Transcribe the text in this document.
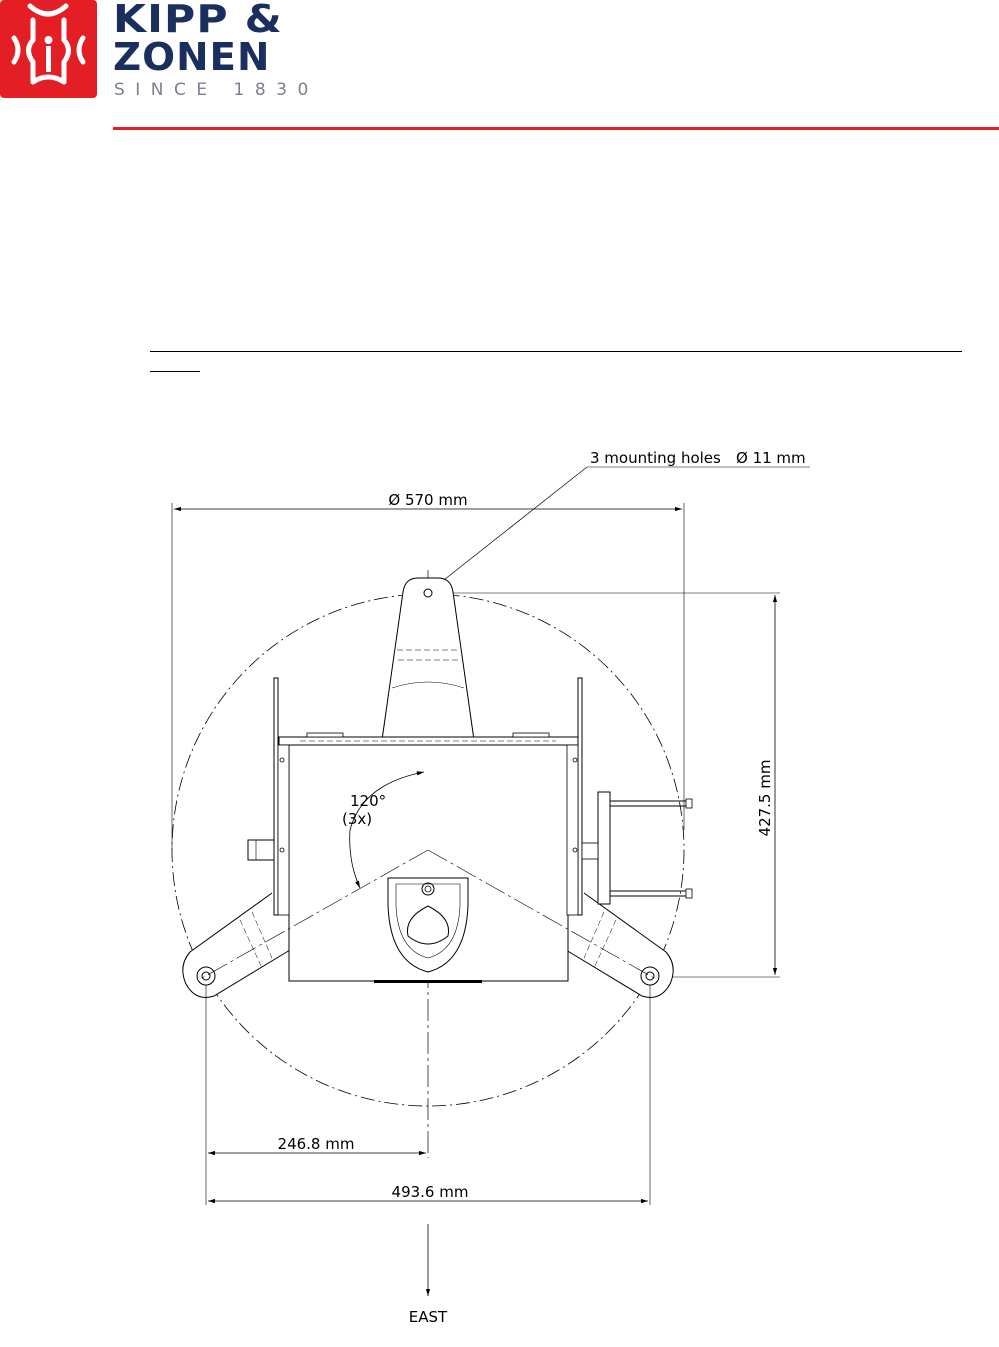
KIPP &
ZONEN
SINCE 1830
Ø 570 mm
3 mounting holes Ø 11 mm
427.5 mm
120°
(3x)
246.8 mm
493.6 mm
EAST
